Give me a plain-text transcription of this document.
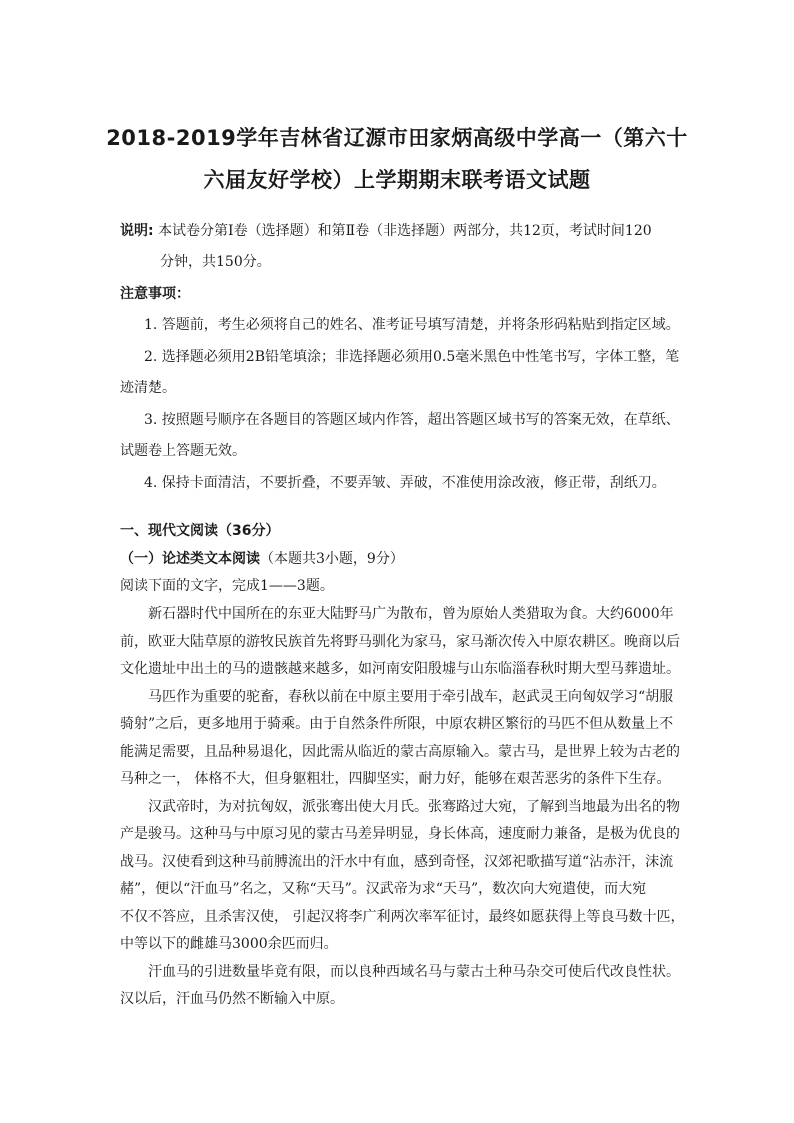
2018-2019学年吉林省辽源市田家炳高级中学高一（第六十
六届友好学校）上学期期末联考语文试题
说明: 本试卷分第Ⅰ卷（选择题）和第Ⅱ卷（非选择题）两部分，共12页，考试时间120
分钟，共150分。
注意事项：
1. 答题前，考生必须将自己的姓名、准考证号填写清楚，并将条形码粘贴到指定区域。
2. 选择题必须用2B铅笔填涂；非选择题必须用0.5毫米黑色中性笔书写，字体工整，笔
迹清楚。
3. 按照题号顺序在各题目的答题区域内作答，超出答题区域书写的答案无效，在草纸、
试题卷上答题无效。
4. 保持卡面清洁，不要折叠，不要弄皱、弄破，不准使用涂改液，修正带，刮纸刀。
一、现代文阅读（36分）
（一）论述类文本阅读（本题共3小题，9分）
阅读下面的文字，完成1——3题。
新石器时代中国所在的东亚大陆野马广为散布，曾为原始人类猎取为食。大约6000年
前，欧亚大陆草原的游牧民族首先将野马驯化为家马，家马渐次传入中原农耕区。晚商以后
文化遗址中出土的马的遗骸越来越多，如河南安阳殷墟与山东临淄春秋时期大型马葬遗址。
马匹作为重要的驼畜，春秋以前在中原主要用于牵引战车，赵武灵王向匈奴学习“胡服
骑射”之后，更多地用于骑乘。由于自然条件所限，中原农耕区繁衍的马匹不但从数量上不
能满足需要，且品种易退化，因此需从临近的蒙古高原输入。蒙古马，是世界上较为古老的
马种之一， 体格不大，但身躯粗壮，四脚坚实，耐力好，能够在艰苦恶劣的条件下生存。
汉武帝时，为对抗匈奴，派张骞出使大月氏。张骞路过大宛，了解到当地最为出名的物
产是骏马。这种马与中原习见的蒙古马差异明显，身长体高，速度耐力兼备，是极为优良的
战马。汉使看到这种马前膊流出的汗水中有血，感到奇怪，汉郊祀歌描写道“沾赤汗，沫流
赭”，便以“汗血马”名之，又称“天马”。汉武帝为求“天马”，数次向大宛遣使，而大宛
不仅不答应，且杀害汉使， 引起汉将李广利两次率军征讨，最终如愿获得上等良马数十匹，
中等以下的雌雄马3000余匹而归。
汗血马的引进数量毕竟有限，而以良种西域名马与蒙古土种马杂交可使后代改良性状。
汉以后，汗血马仍然不断输入中原。
